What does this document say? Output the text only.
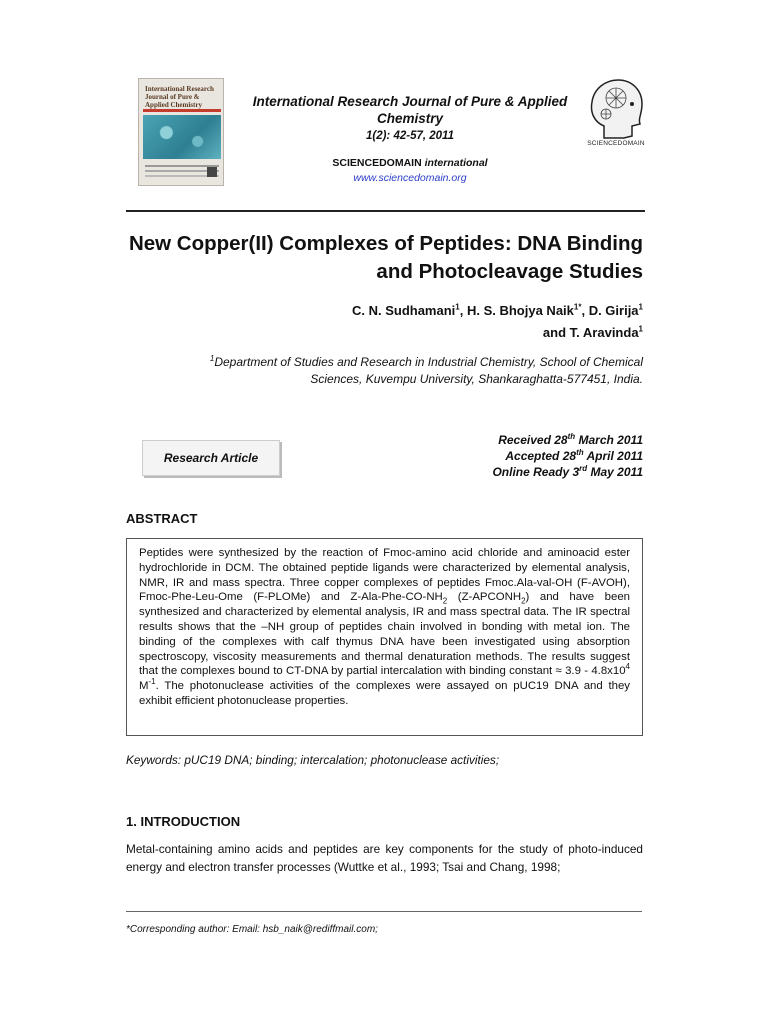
International Research Journal of Pure & Applied Chemistry	International Research Journal of Pure & Applied Chemistry
1(2): 42-57, 2011
SCIENCEDOMAIN international
www.sciencedomain.org
SCIENCEDOMAIN
New Copper(II) Complexes of Peptides: DNA Binding and Photocleavage Studies
C. N. Sudhamani$^1$, H. S. Bhojya Naik$^{1*}$, D. Girija$^1$
and T. Aravinda$^1$
$^1$Department of Studies and Research in Industrial Chemistry, School of Chemical Sciences, Kuvempu University, Shankaraghatta-577451, India.
Research Article
Received 28th March 2011
Accepted 28th April 2011
Online Ready 3rd May 2011
ABSTRACT

Peptides were synthesized by the reaction of Fmoc-amino acid chloride and aminoacid ester hydrochloride in DCM. The obtained peptide ligands were characterized by elemental analysis, NMR, IR and mass spectra. Three copper complexes of peptides Fmoc.Ala-val-OH (F-AVOH), Fmoc-Phe-Leu-Ome (F-PLOMe) and $Z-Ala-Phe-CO-NH_2$ $(Z-APCONH_2)$ and have been synthesized and characterized by elemental analysis, IR and mass spectral data. The IR spectral results shows that the –NH group of peptides chain involved in bonding with metal ion. The binding of the complexes with calf thymus DNA have been investigated using absorption spectroscopy, viscosity measurements and thermal denaturation methods. The results suggest that the complexes bound to CT-DNA by partial intercalation with binding constant ≈ $3.9 - 4.8x10^4$ $M^{-1}$. The photonuclease activities of the complexes were assayed on pUC19 DNA and they exhibit efficient photonuclease properties.

Keywords: pUC19 DNA; binding; intercalation; photonuclease activities;
1. INTRODUCTION

Metal-containing amino acids and peptides are key components for the study of photo-induced energy and electron transfer processes (Wuttke et al., 1993; Tsai and Chang, 1998;

*Corresponding author: Email: hsb_naik@rediffmail.com;
